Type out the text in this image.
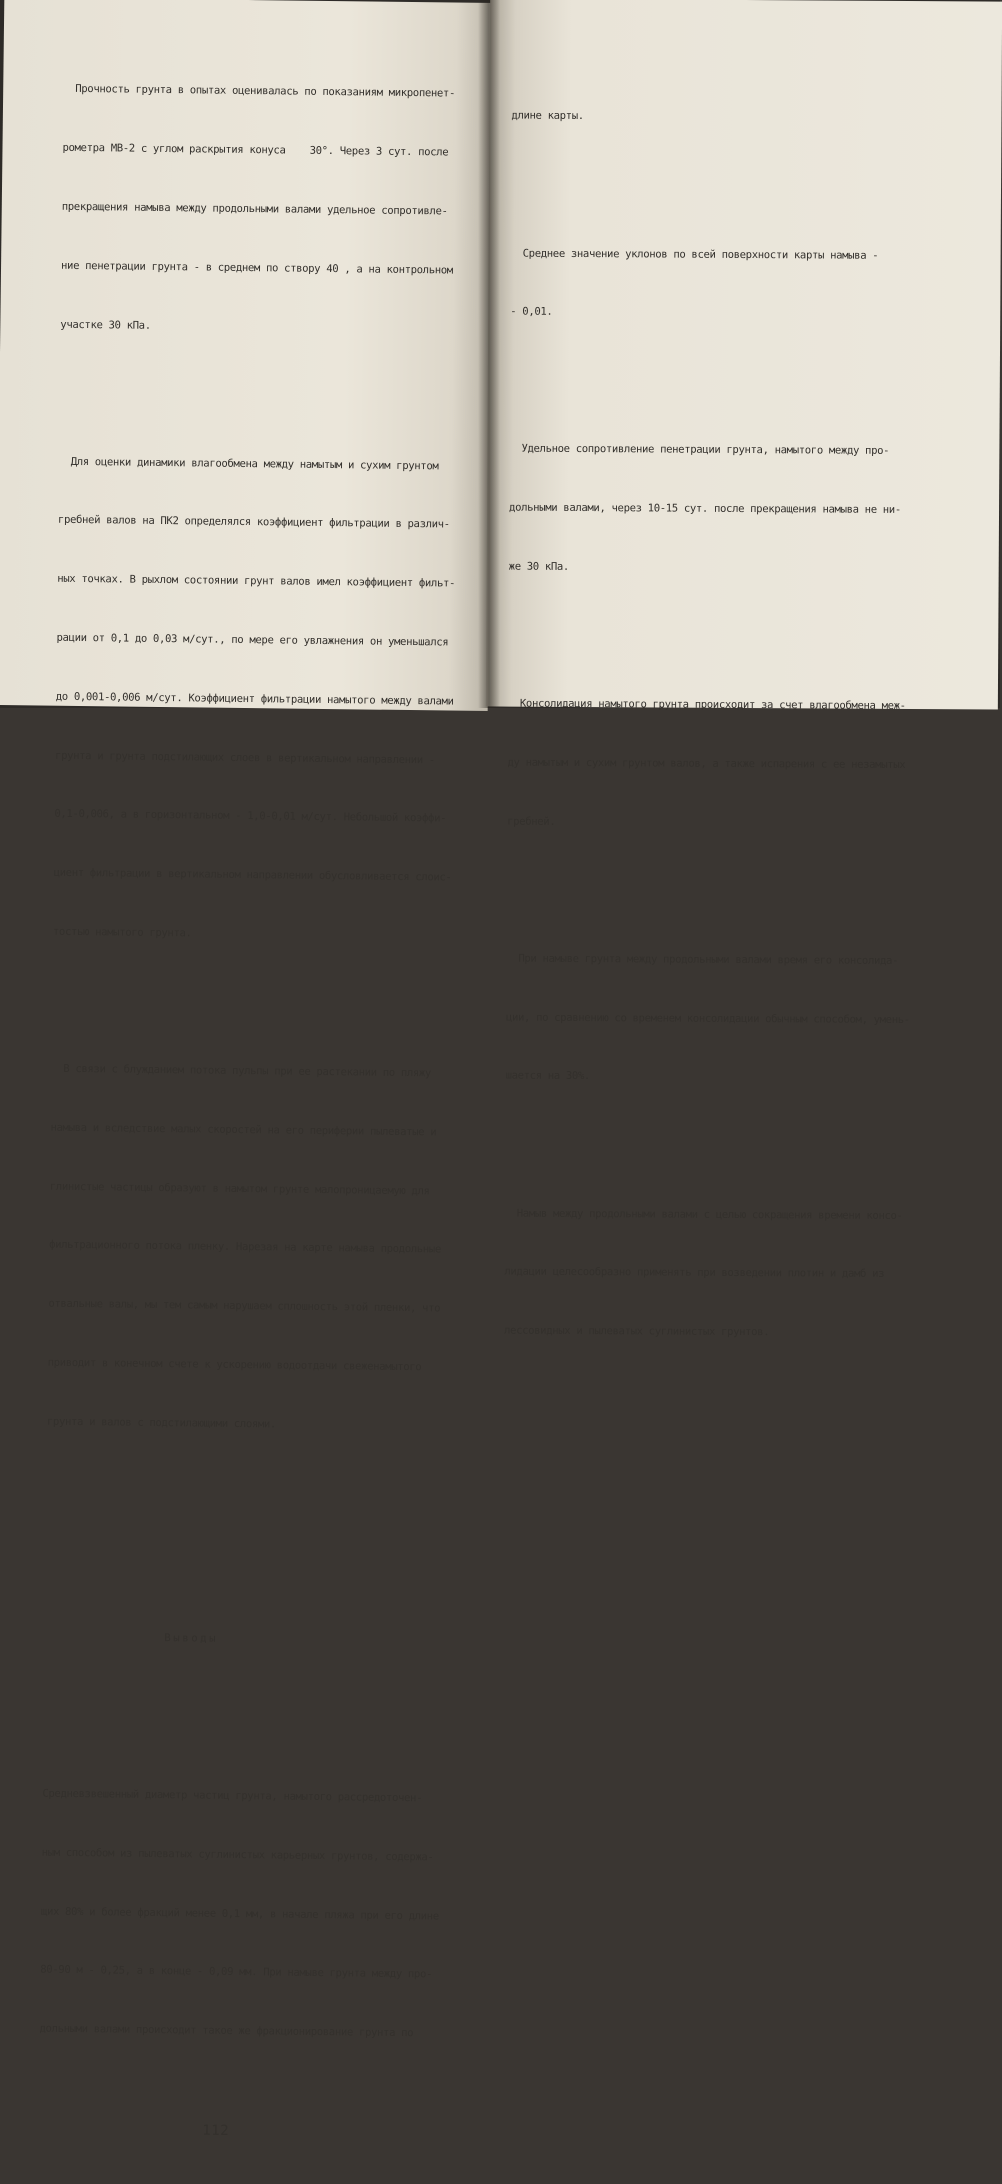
Прочность грунта в опытах оценивалась по показаниям микропенет-

рометра МВ-2 с углом раскрытия конуса    30°. Через 3 сут. после

прекращения намыва между продольными валами удельное сопротивле-

ние пенетрации грунта - в среднем по створу 40 , а на контрольном

участке 30 кПа.

Для оценки динамики влагообмена между намытым и сухим грунтом

гребней валов на ПК2 определялся коэффициент фильтрации в различ-

ных точках. В рыхлом состоянии грунт валов имел коэффициент фильт-

рации от 0,1 до 0,03 м/сут., по мере его увлажнения он уменьшался

до 0,001-0,006 м/сут. Коэффициент фильтрации намытого между валами

грунта и грунта подстилающих слоев в вертикальном направлении -

0,1-0,006, а в горизонтальном - 1,0-0,01 м/сут. Небольшой коэффи-

циент фильтрации в вертикальном направлении обусловливается слоис-

тостью намытого грунта.

В связи с блужданием потока пульпы при ее растекании по пляжу

намыва и вследствие малых скоростей на его периферии пылеватые и

глинистые частицы образуют в намытом грунте малопроницаемую для

фильтрационного потока пленку. Нарезая на карте намыва продольные

отвальные валы, мы тем самым нарушаем сплошность этой пленки, что

приводит в конечном счете к ускорению водоотдачи свеженамытого

грунта и валов с подстилающими слоями.

Выводы

Средневзвешенный диаметр частиц грунта, намытого рассредоточен-

ным способом из пылеватых суглинистых карьерных грунтов, содержа-

щих 80% и более фракций менее 0,1 мм, в начале пляжа при его длине

80-90 м - 0,25, а в конце - 0,09 мм. При намыве грунта между про-

дольными валами происходит такое же фракционирование грунта по

112

длине карты.

Среднее значение уклонов по всей поверхности карты намыва -

- 0,01.

Удельное сопротивление пенетрации грунта, намытого между про-

дольными валами, через 10-15 сут. после прекращения намыва не ни-

же 30 кПа.

Консолидация намытого грунта происходит за счет влагообмена меж-

ду намытым и сухим грунтом валов, а также испарения с ее незамытых

гребней.

При намыве грунта между продольными валами время его консолида-

ции, по сравнению со временем консолидации обычным способом, умень-

шается на 30%.

Намыв между продольными валами с целью сокращения времени консо-

лидации целесообразно применять при возведении плотин и дамб из

лессовидных и пылеватых суглинистых грунтов.
